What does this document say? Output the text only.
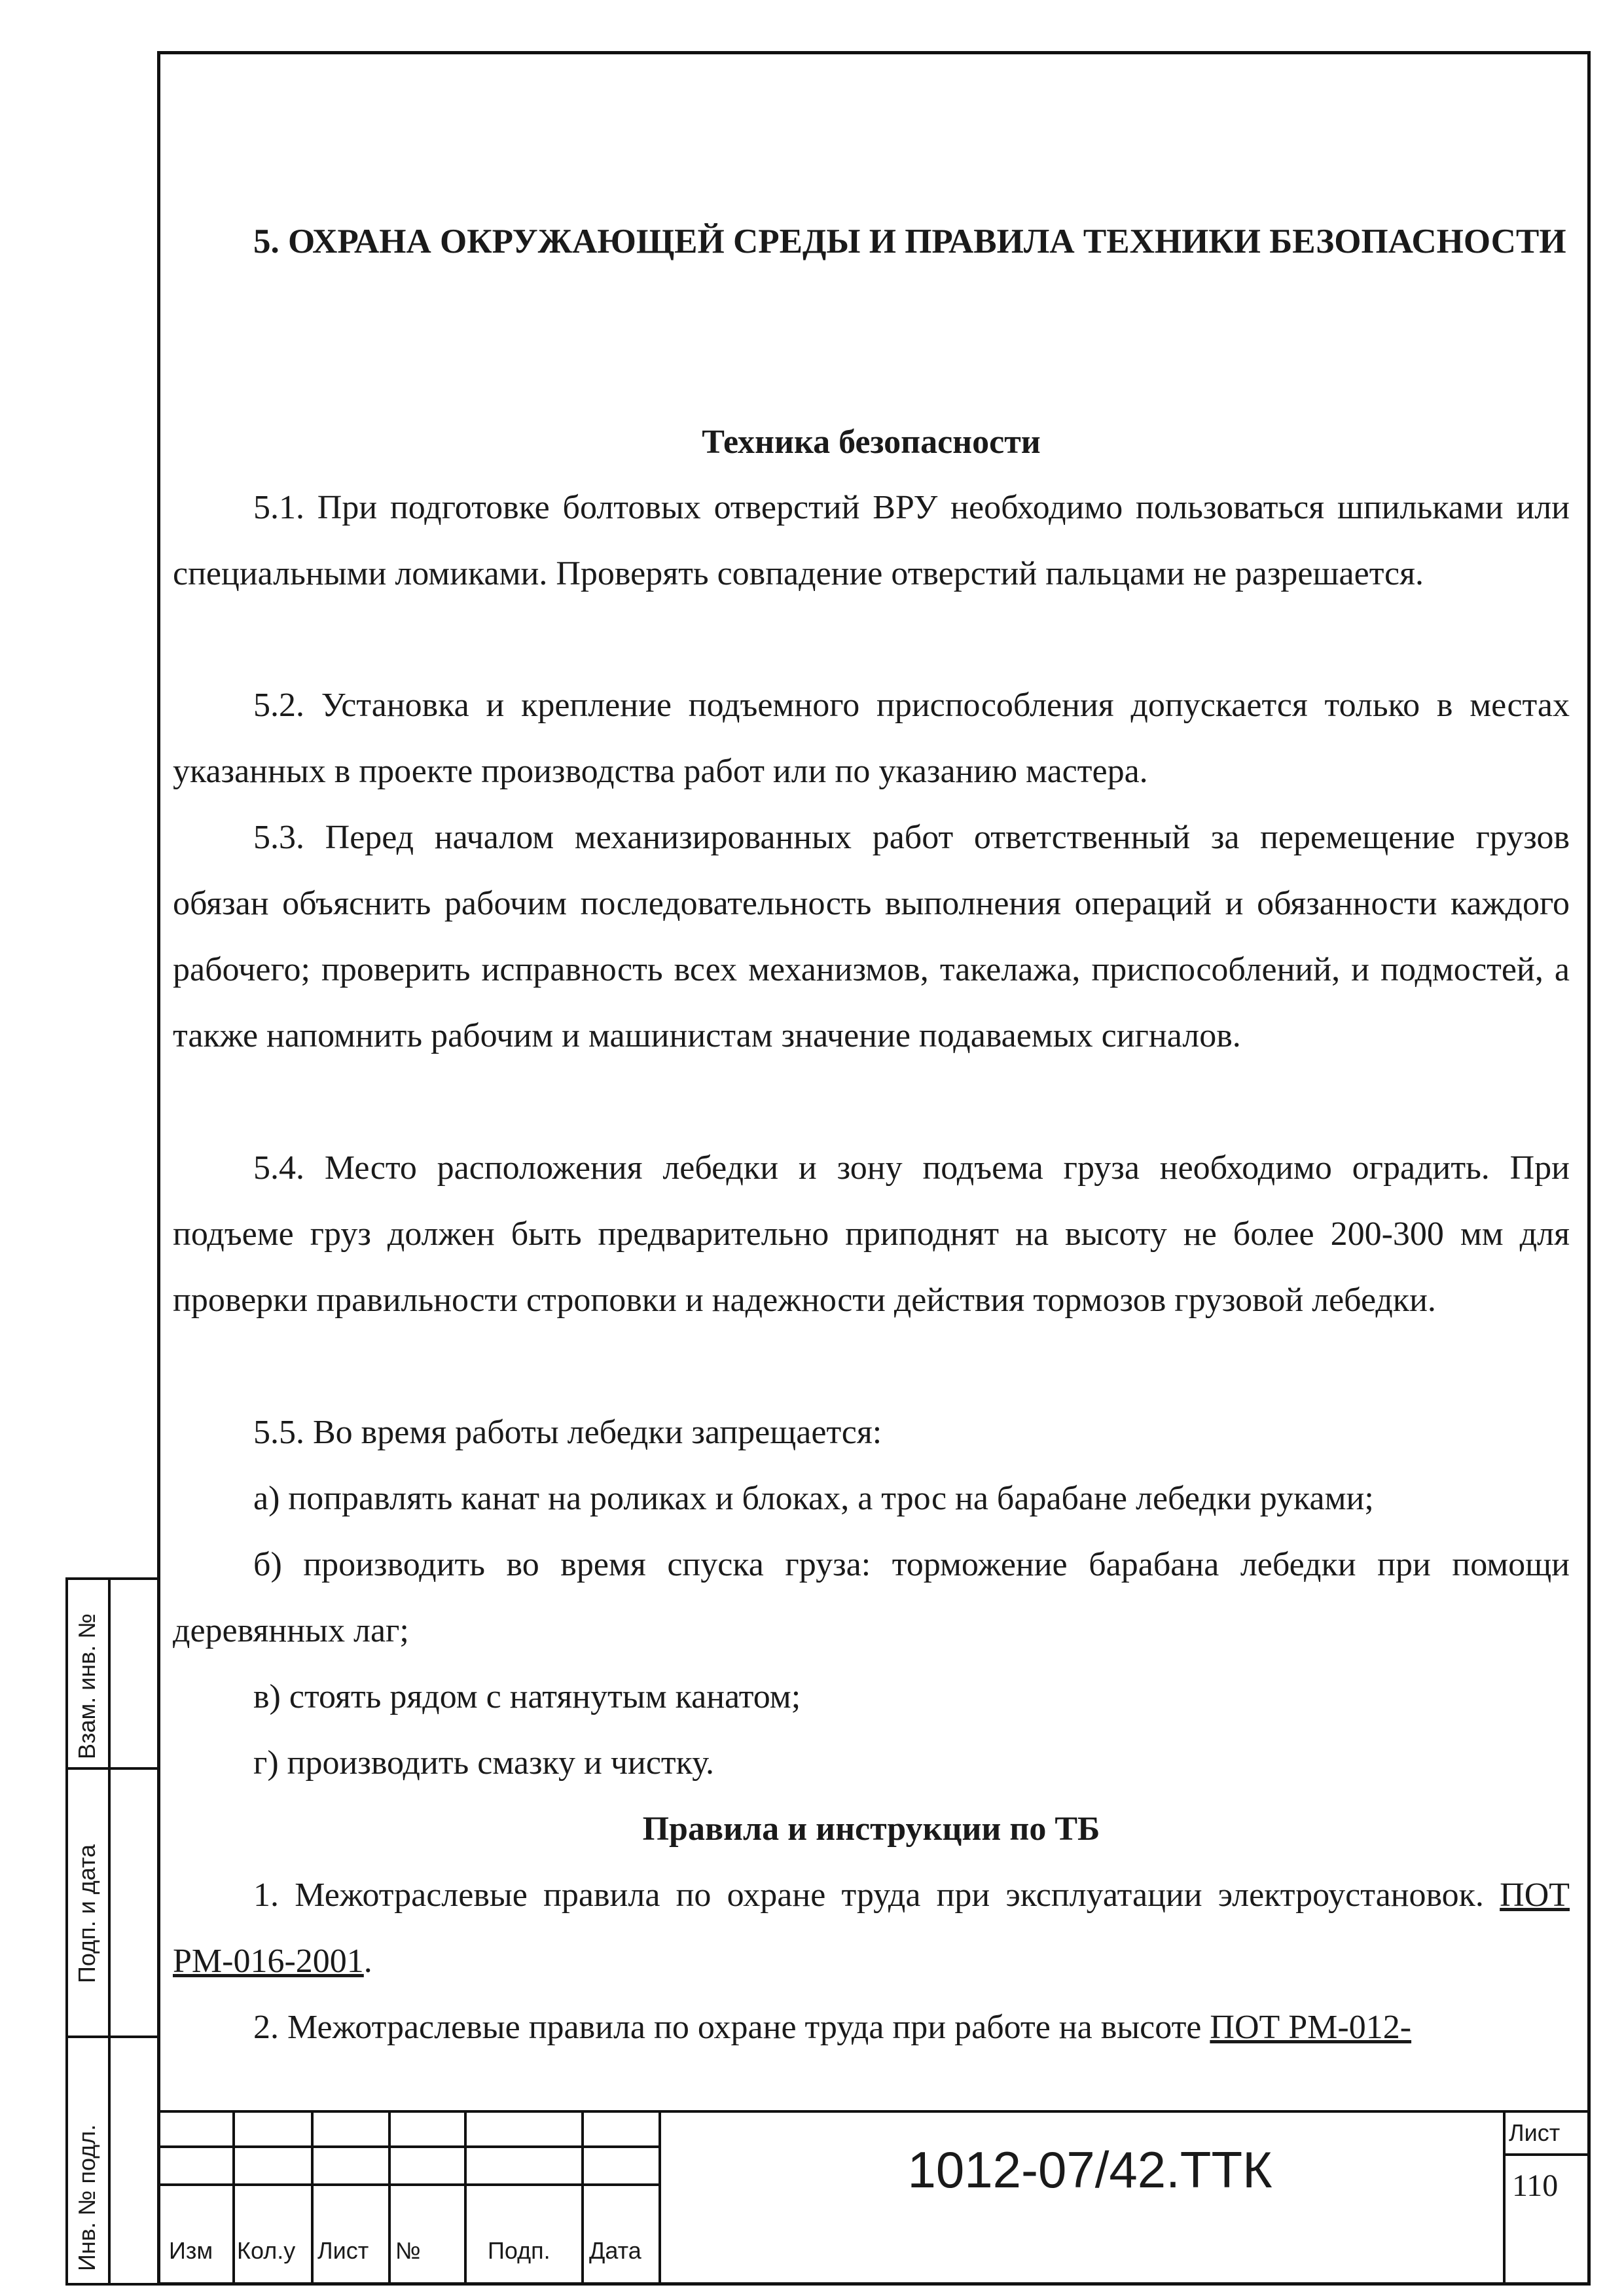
5. ОХРАНА ОКРУЖАЮЩЕЙ СРЕДЫ И ПРАВИЛА ТЕХНИКИ БЕЗОПАСНОСТИ
Техника безопасности
5.1. При подготовке болтовых отверстий ВРУ необходимо пользоваться шпильками или специальными ломиками. Проверять совпадение отверстий пальцами не разрешается.
5.2. Установка и крепление подъемного приспособления допускается только в местах указанных в проекте производства работ или по указанию мастера.
5.3. Перед началом механизированных работ ответственный за перемещение грузов обязан объяснить рабочим последовательность выполнения операций и обязанности каждого рабочего; проверить исправность всех механизмов, такелажа, приспособлений, и подмостей, а также напомнить рабочим и машинистам значение подаваемых сигналов.
5.4. Место расположения лебедки и зону подъема груза необходимо оградить. При подъеме груз должен быть предварительно приподнят на высоту не более 200-300 мм для проверки правильности строповки и надежности действия тормозов грузовой лебедки.
5.5. Во время работы лебедки запрещается:
а) поправлять канат на роликах и блоках, а трос на барабане лебедки руками;
б) производить во время спуска груза: торможение барабана лебедки при помощи деревянных лаг;
в) стоять рядом с натянутым канатом;
г) производить смазку и чистку.
Правила и инструкции по ТБ
1. Межотраслевые правила по охране труда при эксплуатации электроустановок. ПОТ РМ-016-2001.
2. Межотраслевые правила по охране труда при работе на высоте ПОТ РМ-012-
Изм Кол.у Лист №	Подп. Дата
1012-07/42.ТТК
Лист
110
Взам. инв. №
Подп. и дата
Инв. № подл.
